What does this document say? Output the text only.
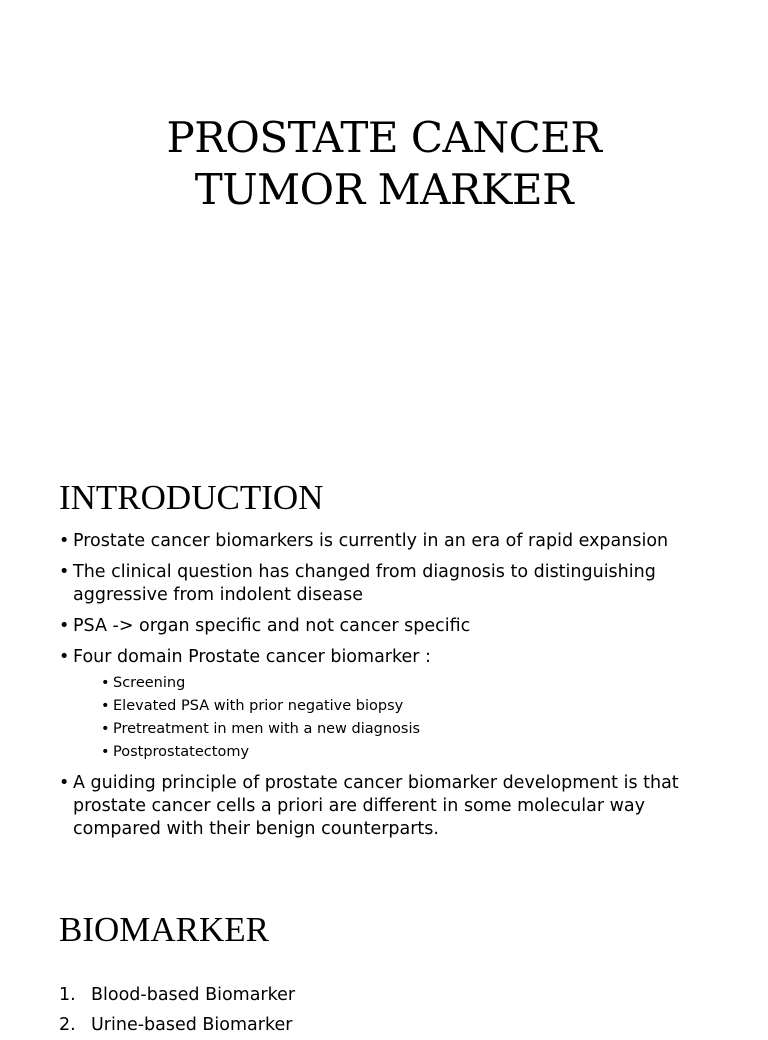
PROSTATE CANCER
TUMOR MARKER
INTRODUCTION
• Prostate cancer biomarkers is currently in an era of rapid expansion
• The clinical question has changed from diagnosis to distinguishing aggressive from indolent disease
• PSA -> organ specific and not cancer specific
• Four domain Prostate cancer biomarker :
• Screening
• Elevated PSA with prior negative biopsy
• Pretreatment in men with a new diagnosis
• Postprostatectomy
• A guiding principle of prostate cancer biomarker development is that prostate cancer cells a priori are different in some molecular way compared with their benign counterparts.
BIOMARKER
1. Blood-based Biomarker
2. Urine-based Biomarker
